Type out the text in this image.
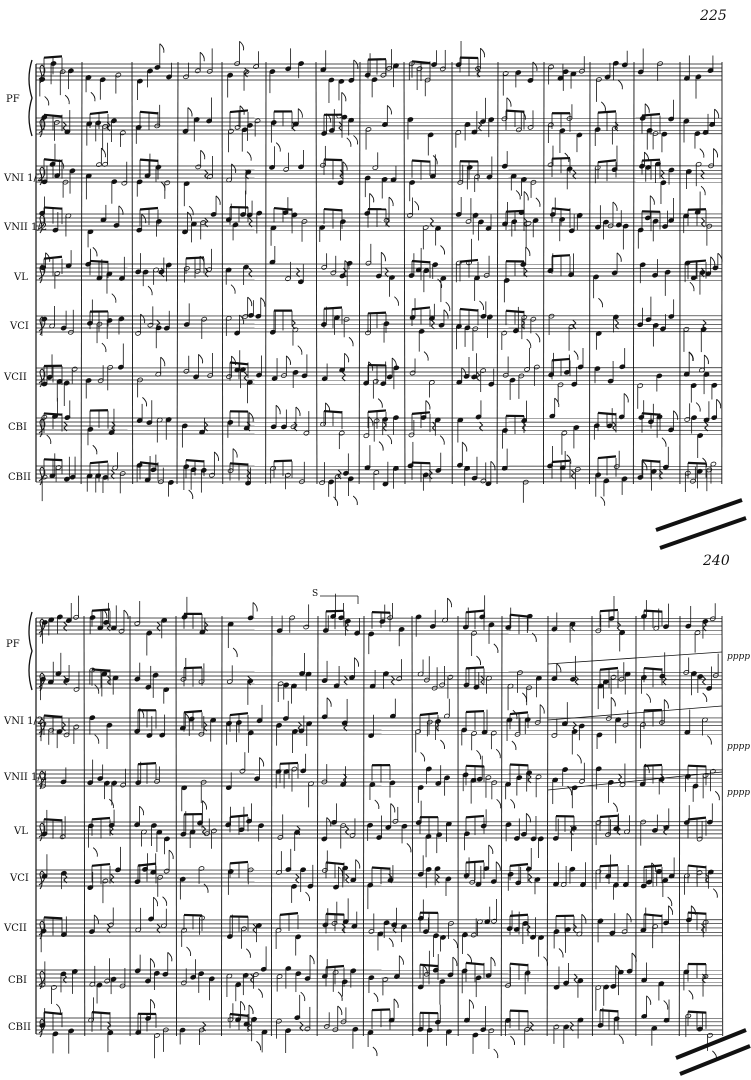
225
240
PF
VNI 1/2
VNII 1/2
VL
VCI
VCII
CBI
CBII
PF
VNI 1/2
VNII 1/2
VL
VCI
VCII
CBI
CBII
S
pppp
pppp
pppp
